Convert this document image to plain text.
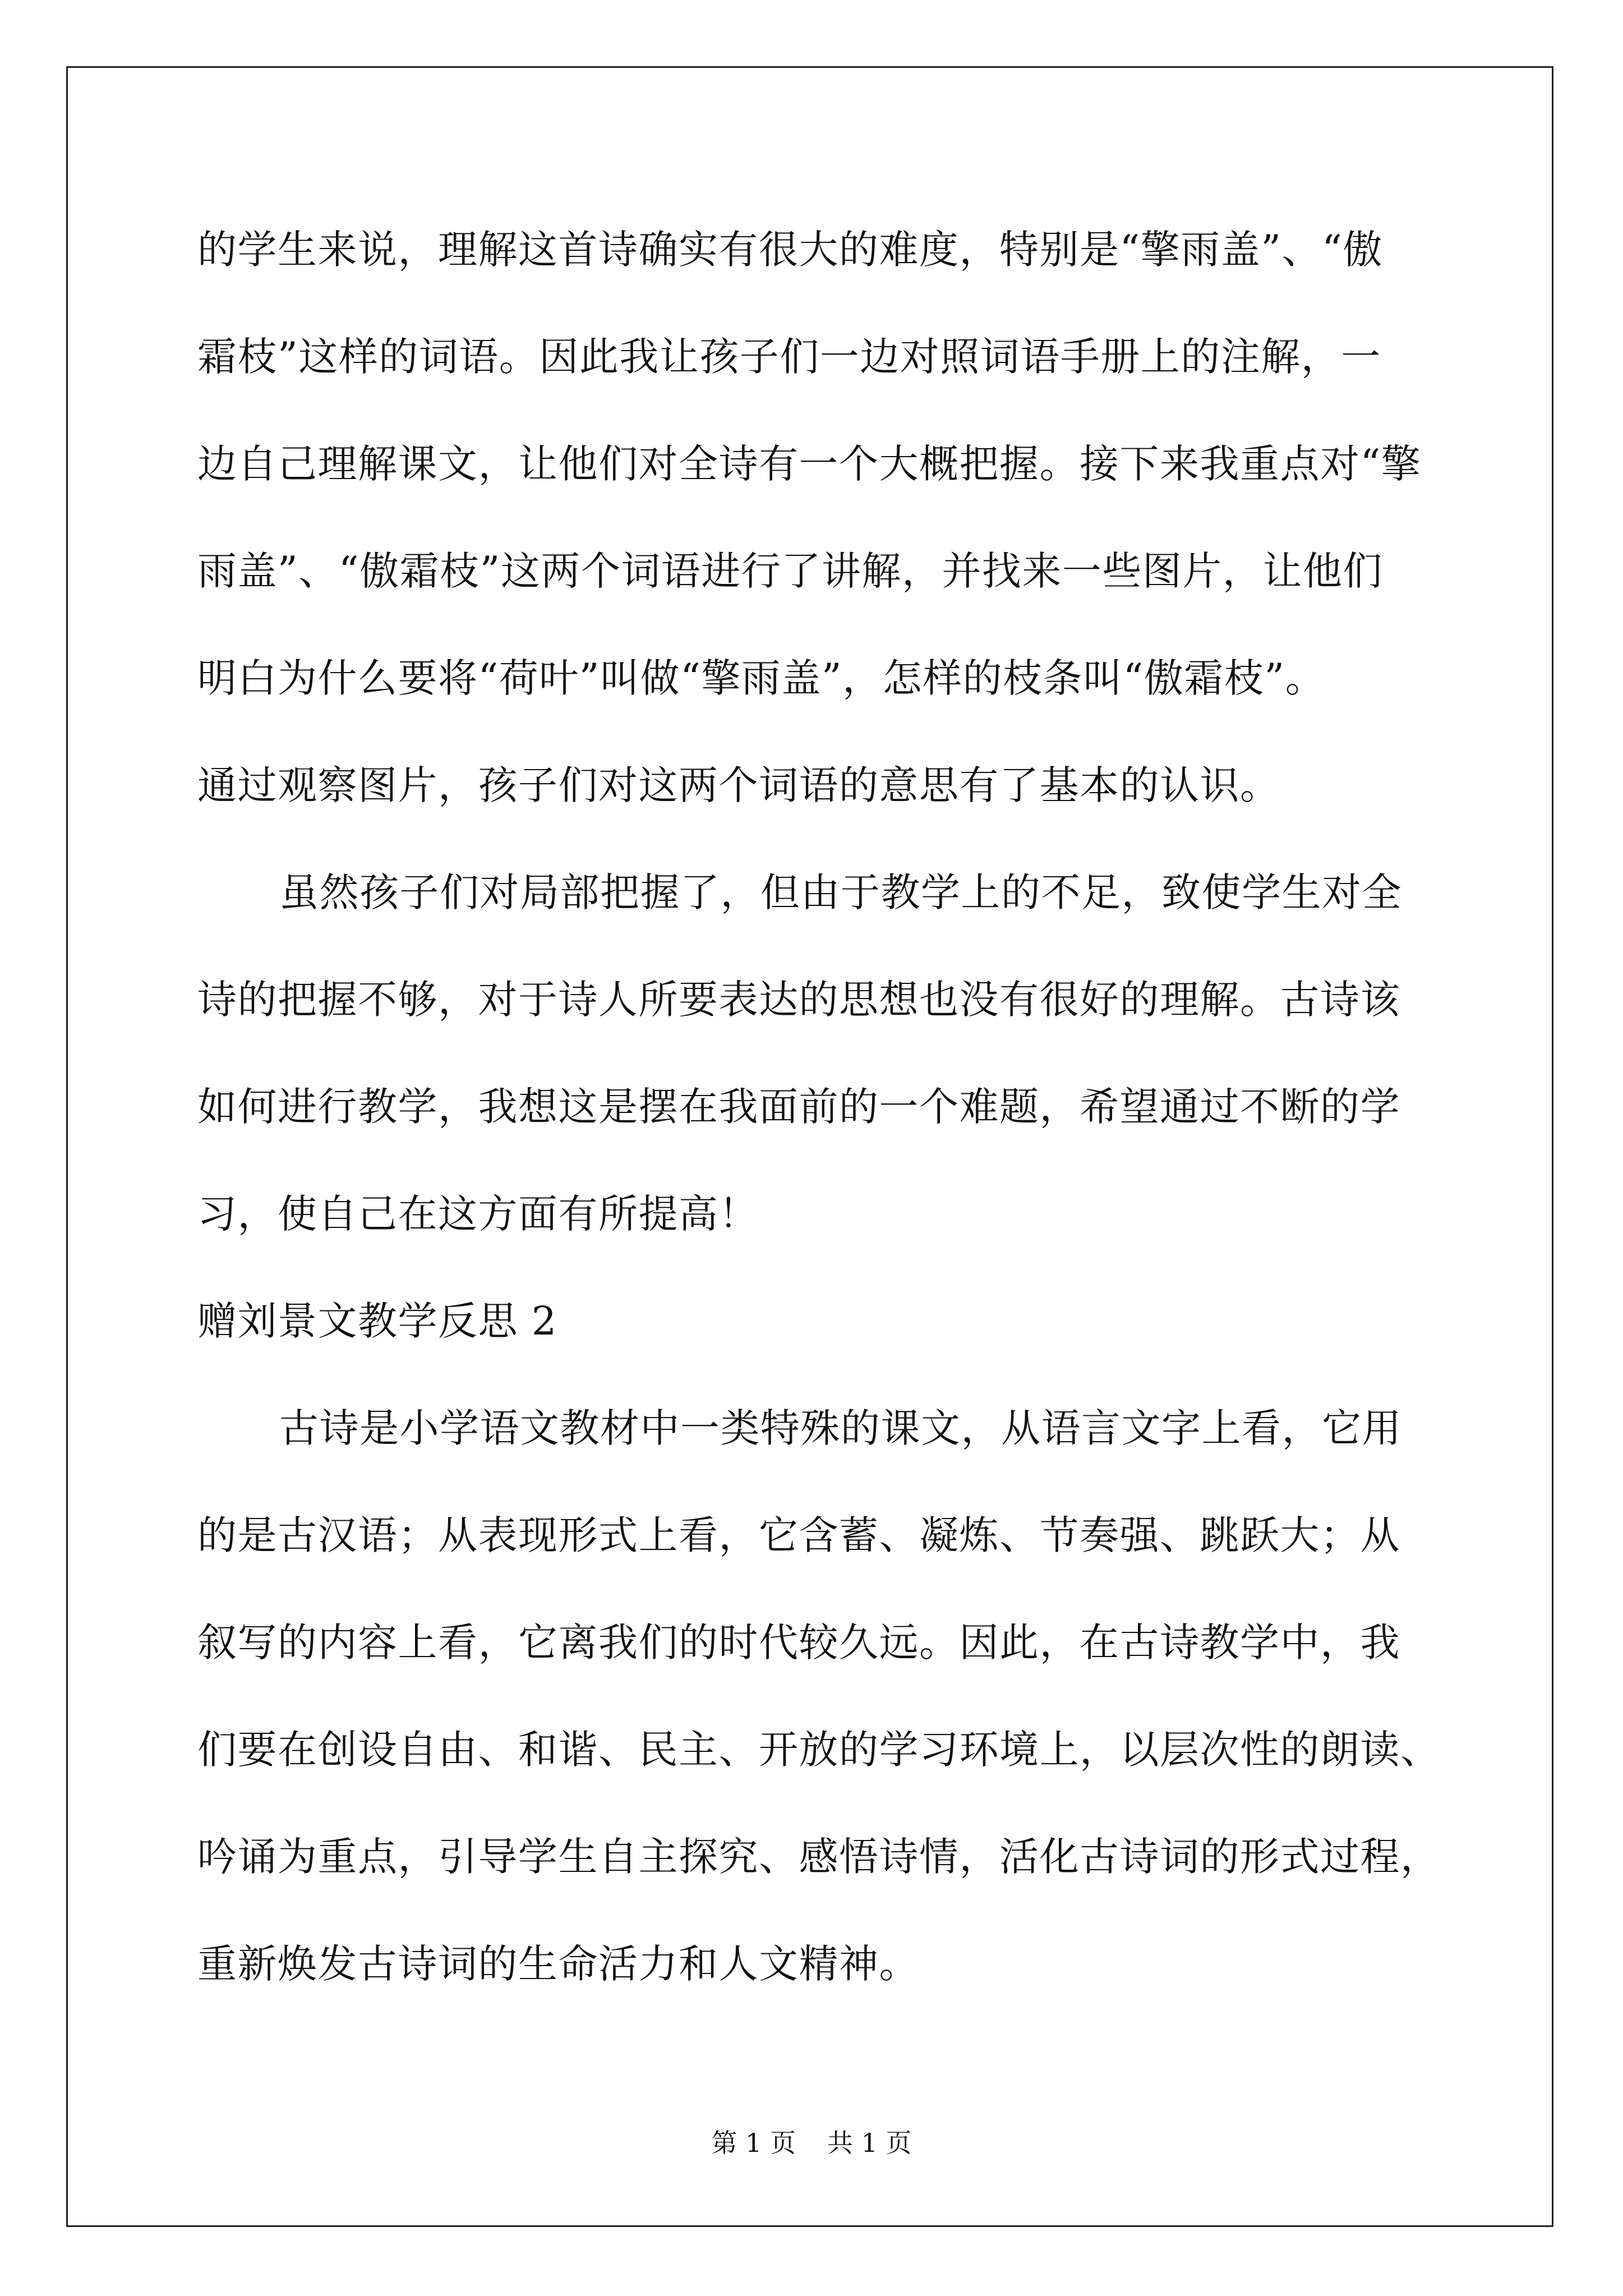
的学生来说，理解这首诗确实有很大的难度，特别是“擎雨盖”、“傲
霜枝”这样的词语。因此我让孩子们一边对照词语手册上的注解，一
边自己理解课文，让他们对全诗有一个大概把握。接下来我重点对“擎
雨盖”、“傲霜枝”这两个词语进行了讲解，并找来一些图片，让他们
明白为什么要将“荷叶”叫做“擎雨盖”，怎样的枝条叫“傲霜枝”。
通过观察图片，孩子们对这两个词语的意思有了基本的认识。
虽然孩子们对局部把握了，但由于教学上的不足，致使学生对全
诗的把握不够，对于诗人所要表达的思想也没有很好的理解。古诗该
如何进行教学，我想这是摆在我面前的一个难题，希望通过不断的学
习，使自己在这方面有所提高！
赠刘景文教学反思 2
古诗是小学语文教材中一类特殊的课文，从语言文字上看，它用
的是古汉语；从表现形式上看，它含蓄、凝炼、节奏强、跳跃大；从
叙写的内容上看，它离我们的时代较久远。因此，在古诗教学中，我
们要在创设自由、和谐、民主、开放的学习环境上，以层次性的朗读、
吟诵为重点，引导学生自主探究、感悟诗情，活化古诗词的形式过程，
重新焕发古诗词的生命活力和人文精神。
第 1 页 共 1 页
